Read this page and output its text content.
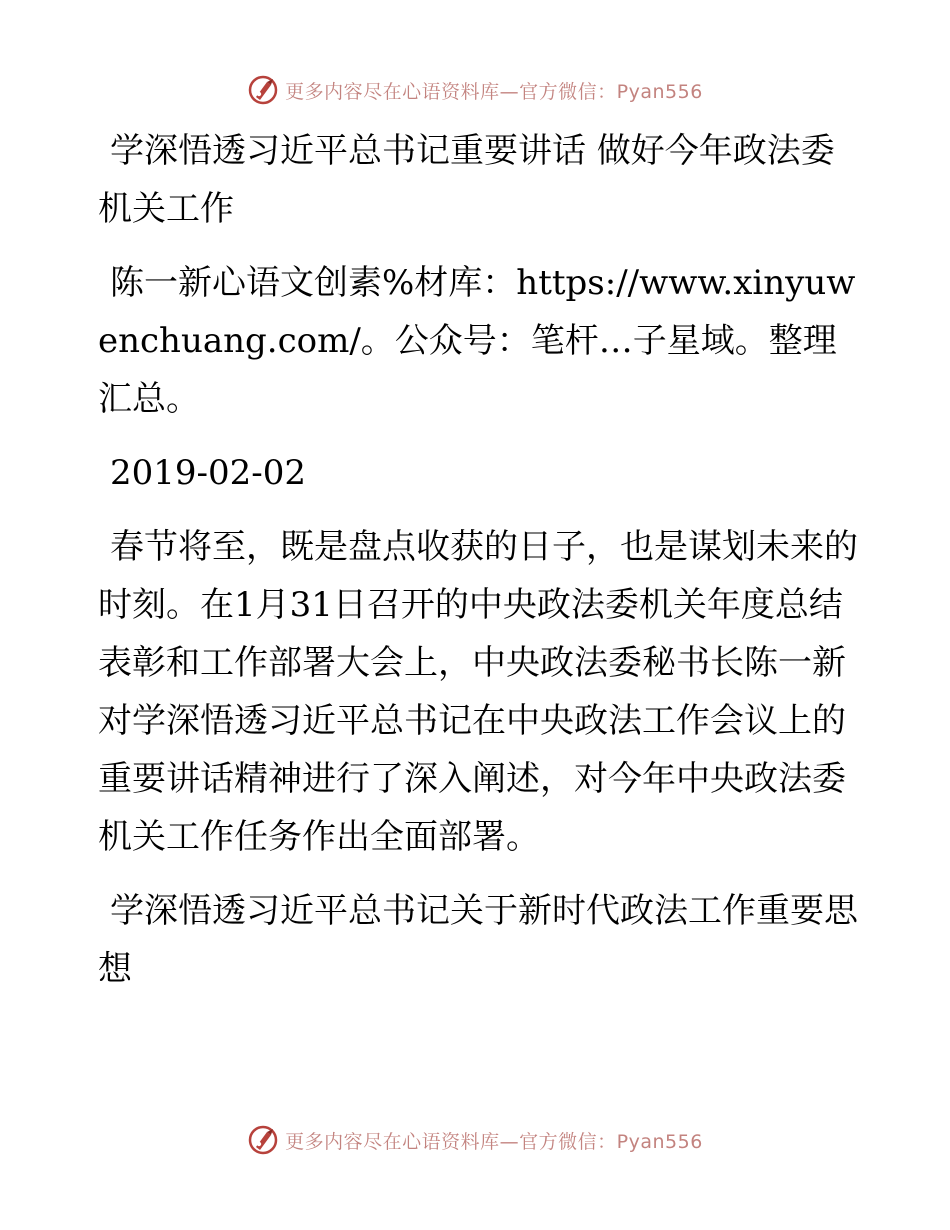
更多内容尽在心语资料库—官方微信：Pyan556

学深悟透习近平总书记重要讲话 做好今年政法委机关工作

陈一新心语文创素%材库：https://www.xinyuwenchuang.com/。公众号：笔杆…子星域。整理汇总。

2019-02-02

春节将至，既是盘点收获的日子，也是谋划未来的时刻。在1月31日召开的中央政法委机关年度总结表彰和工作部署大会上，中央政法委秘书长陈一新对学深悟透习近平总书记在中央政法工作会议上的重要讲话精神进行了深入阐述，对今年中央政法委机关工作任务作出全面部署。

学深悟透习近平总书记关于新时代政法工作重要思想

更多内容尽在心语资料库—官方微信：Pyan556
